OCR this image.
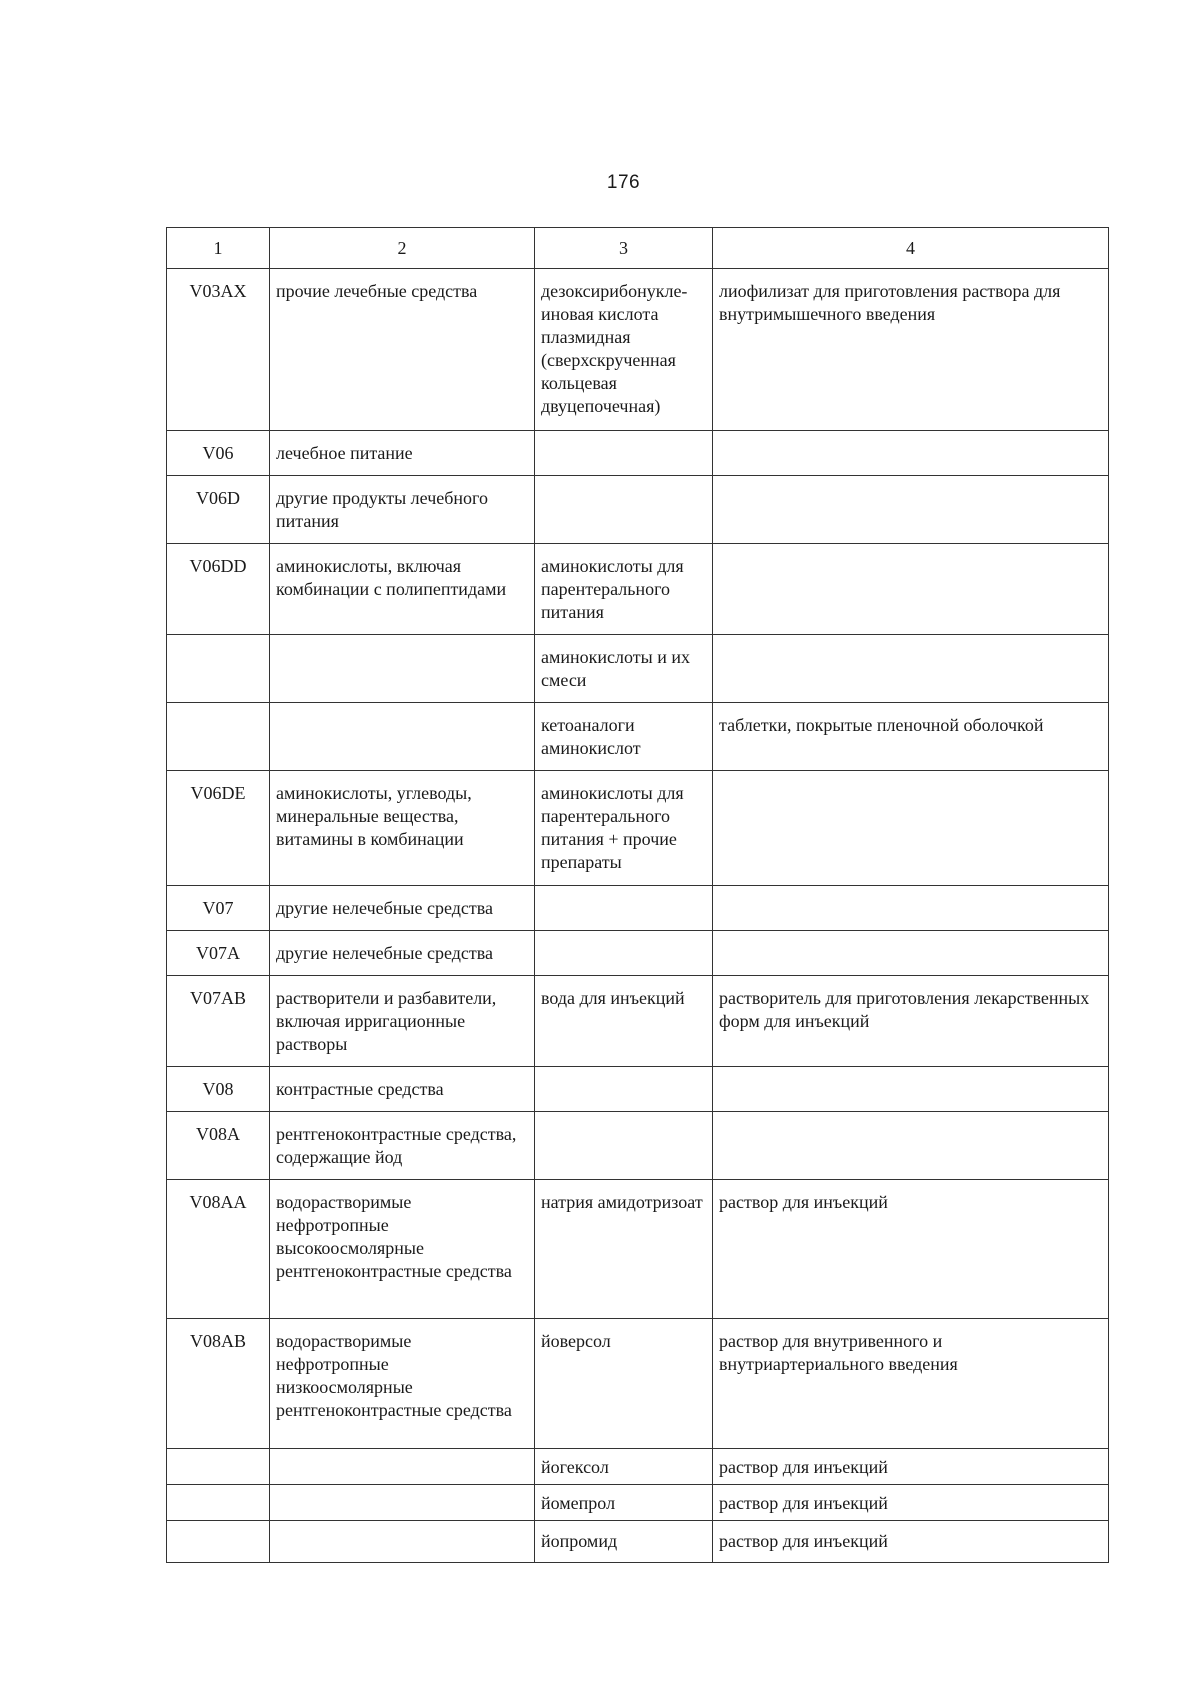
176
1	2	3	4
V03AX	прочие лечебные средства	дезоксирибонукле-иновая кислота плазмидная (сверхскрученная кольцевая двуцепочечная)	лиофилизат для приготовления раствора для внутримышечного введения
V06	лечебное питание		
V06D	другие продукты лечебного питания		
V06DD	аминокислоты, включая комбинации с полипептидами	аминокислоты для парентерального питания	
		аминокислоты и их смеси	
		кетоаналоги аминокислот	таблетки, покрытые пленочной оболочкой
V06DE	аминокислоты, углеводы, минеральные вещества, витамины в комбинации	аминокислоты для парентерального питания + прочие препараты	
V07	другие нелечебные средства		
V07A	другие нелечебные средства		
V07AB	растворители и разбавители, включая ирригационные растворы	вода для инъекций	растворитель для приготовления лекарственных форм для инъекций
V08	контрастные средства		
V08A	рентгеноконтрастные средства, содержащие йод		
V08AA	водорастворимые нефротропные высокоосмолярные рентгеноконтрастные средства	натрия амидотризоат	раствор для инъекций
V08AB	водорастворимые нефротропные низкоосмолярные рентгеноконтрастные средства	йоверсол	раствор для внутривенного и внутриартериального введения
		йогексол	раствор для инъекций
		йомепрол	раствор для инъекций
		йопромид	раствор для инъекций
